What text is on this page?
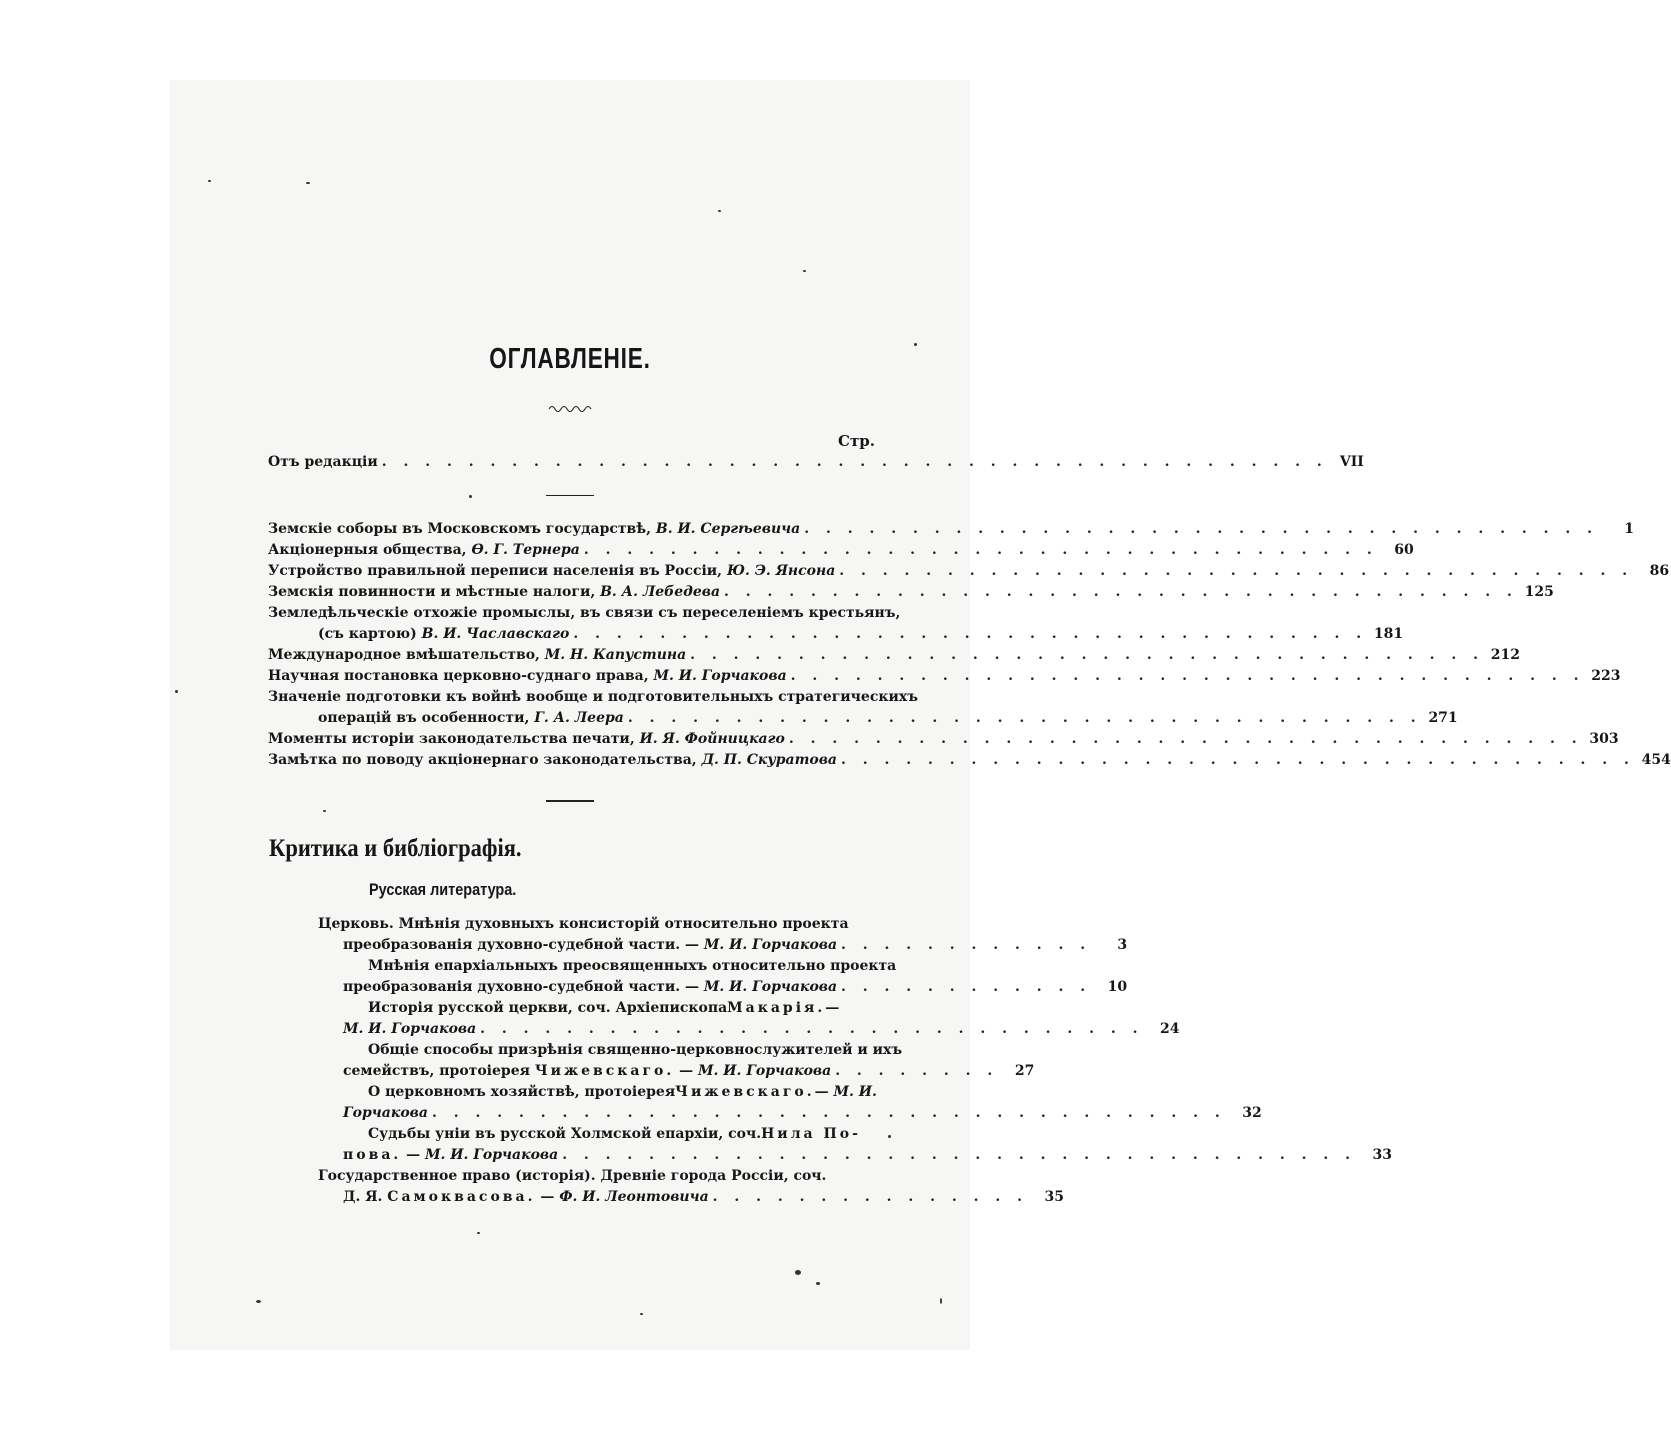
ОГЛАВЛЕНІЕ.
Стр.
Отъ редакціи . . . . . . . . . . . . . . . . . . . . . . . . . . . . . . . . . . . . . . . . . . . . VII
Земскіе соборы въ Московскомъ государствѣ,
В. И. Сергѣевича . . . . . . . . . . . . . . . . . . . . . . . . . . . . . . . . . . . . .	1
Акціонерныя общества,
Ѳ. Г. Тернера . . . . . . . . . . . . . . . . . . . . . . . . . . . . . . . . . . . . .	60
Устройство правильной переписи населенія въ Россіи,
Ю. Э. Янсона . . . . . . . . . . . . . . . . . . . . . . . . . . . . . . . . . . . . .	86
Земскія повинности и мѣстные налоги,
В. А. Лебедева . . . . . . . . . . . . . . . . . . . . . . . . . . . . . . . . . . . . . 125
Земледѣльческіе отхожіе промыслы, въ связи съ переселеніемъ крестьянъ,
(съ картою)
В. И. Чаславскаго . . . . . . . . . . . . . . . . . . . . . . . . . . . . . . . . . . . . . 181
Международное вмѣшательство,
М. Н. Капустина . . . . . . . . . . . . . . . . . . . . . . . . . . . . . . . . . . . . . 212
Научная постановка церковно-суднаго права,
М. И. Горчакова . . . . . . . . . . . . . . . . . . . . . . . . . . . . . . . . . . . . . 223
Значеніе подготовки къ войнѣ вообще и подготовительныхъ стратегическихъ
операцій въ особенности,
Г. А. Леера . . . . . . . . . . . . . . . . . . . . . . . . . . . . . . . . . . . . . 271
Моменты исторіи законодательства печати,
И. Я. Фойницкаго . . . . . . . . . . . . . . . . . . . . . . . . . . . . . . . . . . . . . 303
Замѣтка по поводу акціонернаго законодательства,
Д. П. Скуратова . . . . . . . . . . . . . . . . . . . . . . . . . . . . . . . . . . . . . 454
Критика и библіографія.
Русская литература.
Церковь. Мнѣнія духовныхъ консисторій относительно проекта
преобразованія духовно-судебной части. —
М. И. Горчакова . . . . . . . . . . . .	3
Мнѣнія епархіальныхъ преосвященныхъ относительно проекта
преобразованія духовно-судебной части. —
М. И. Горчакова . . . . . . . . . . . .	10
Исторія русской церкви, соч. Архіепископа Макарія. —
М. И. Горчакова . . . . . . . . . . . . . . . . . . . . . . . . . . . . . . .	24
Общіе способы призрѣнія священно-церковнослужителей и ихъ
семействъ, протоіерея
Чижевскаго.
—
М. И. Горчакова . . . . . . . .	27
О церковномъ хозяйствѣ, протоіерея Чижевскаго. — М. И.
Горчакова . . . . . . . . . . . . . . . . . . . . . . . . . . . . . . . . . . . . .	32
Судьбы уніи въ русской Холмской епархіи, соч. Нила По-
пова.
—
М. И. Горчакова . . . . . . . . . . . . . . . . . . . . . . . . . . . . . . . . . . . . .	33
Государственное право (исторія). Древніе города Россіи, соч.
Д. Я.
Самоквасова.
—
Ф. И. Леонтовича . . . . . . . . . . . . . . .	35
